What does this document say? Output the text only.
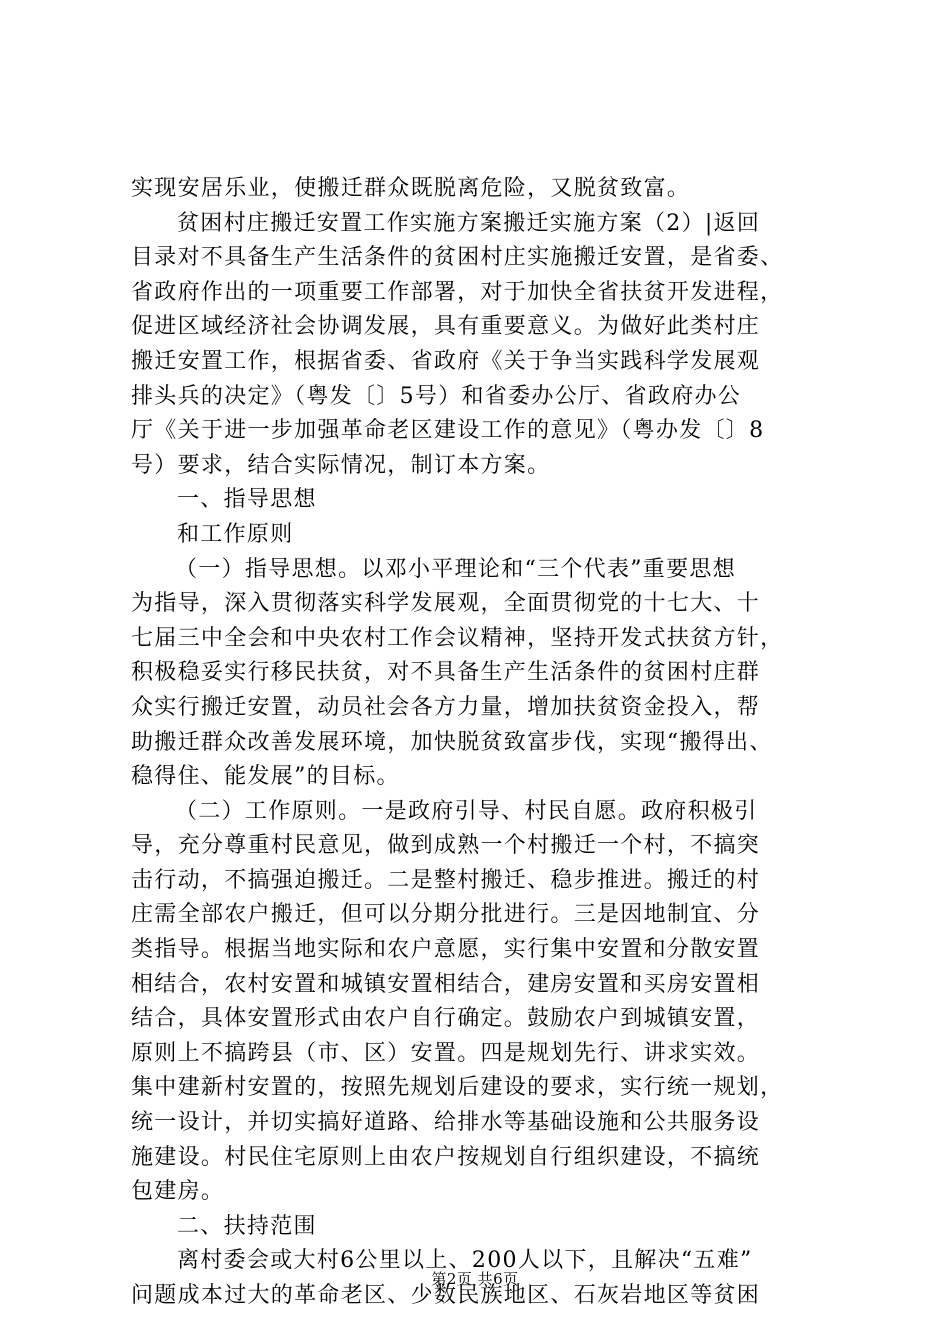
实现安居乐业，使搬迁群众既脱离危险，又脱贫致富。
贫困村庄搬迁安置工作实施方案搬迁实施方案（2）|返回
目录对不具备生产生活条件的贫困村庄实施搬迁安置，是省委、
省政府作出的一项重要工作部署，对于加快全省扶贫开发进程，
促进区域经济社会协调发展，具有重要意义。为做好此类村庄
搬迁安置工作，根据省委、省政府《关于争当实践科学发展观
排头兵的决定》（粤发〔〕5号）和省委办公厅、省政府办公
厅《关于进一步加强革命老区建设工作的意见》（粤办发〔〕8
号）要求，结合实际情况，制订本方案。
一、指导思想
和工作原则
（一）指导思想。以邓小平理论和“三个代表”重要思想
为指导，深入贯彻落实科学发展观，全面贯彻党的十七大、十
七届三中全会和中央农村工作会议精神，坚持开发式扶贫方针，
积极稳妥实行移民扶贫，对不具备生产生活条件的贫困村庄群
众实行搬迁安置，动员社会各方力量，增加扶贫资金投入，帮
助搬迁群众改善发展环境，加快脱贫致富步伐，实现“搬得出、
稳得住、能发展”的目标。
（二）工作原则。一是政府引导、村民自愿。政府积极引
导，充分尊重村民意见，做到成熟一个村搬迁一个村，不搞突
击行动，不搞强迫搬迁。二是整村搬迁、稳步推进。搬迁的村
庄需全部农户搬迁，但可以分期分批进行。三是因地制宜、分
类指导。根据当地实际和农户意愿，实行集中安置和分散安置
相结合，农村安置和城镇安置相结合，建房安置和买房安置相
结合，具体安置形式由农户自行确定。鼓励农户到城镇安置，
原则上不搞跨县（市、区）安置。四是规划先行、讲求实效。
集中建新村安置的，按照先规划后建设的要求，实行统一规划，
统一设计，并切实搞好道路、给排水等基础设施和公共服务设
施建设。村民住宅原则上由农户按规划自行组织建设，不搞统
包建房。
二、扶持范围
离村委会或大村6公里以上、200人以下，且解决“五难”
问题成本过大的革命老区、少数民族地区、石灰岩地区等贫困
第2页 共6页
